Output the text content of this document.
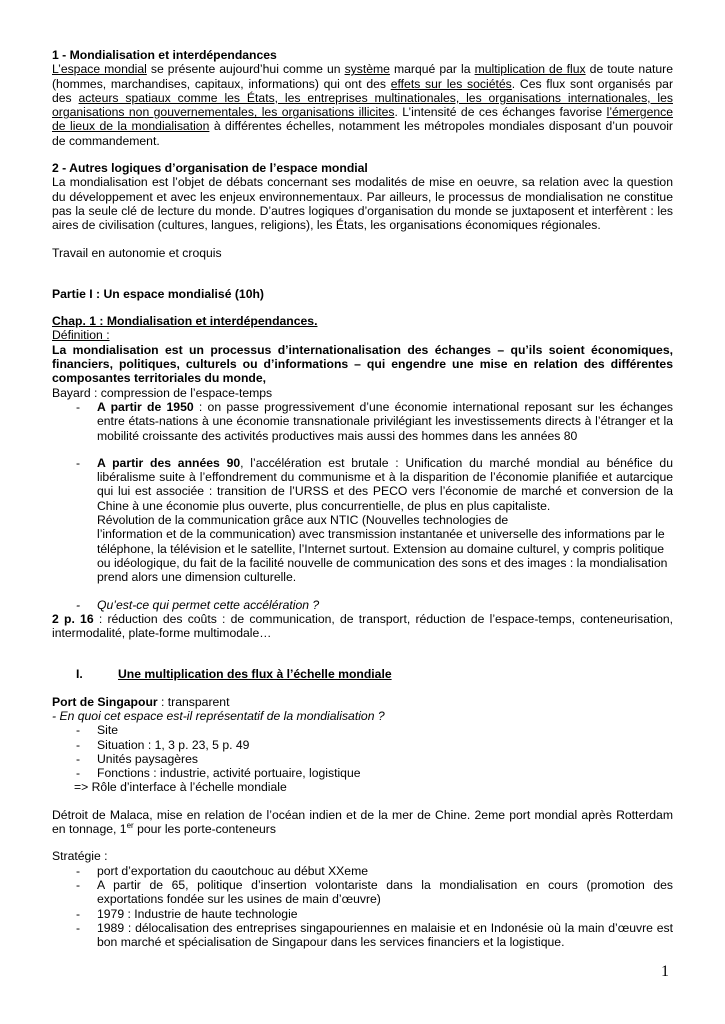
1 - Mondialisation et interdépendances

L’espace mondial se présente aujourd’hui comme un système marqué par la multiplication de flux de toute nature (hommes, marchandises, capitaux, informations) qui ont des effets sur les sociétés. Ces flux sont organisés par des acteurs spatiaux comme les États, les entreprises multinationales, les organisations internationales, les organisations non gouvernementales, les organisations illicites. L’intensité de ces échanges favorise l’émergence de lieux de la mondialisation à différentes échelles, notamment les métropoles mondiales disposant d’un pouvoir de commandement.

2 - Autres logiques d’organisation de l’espace mondial

La mondialisation est l’objet de débats concernant ses modalités de mise en oeuvre, sa relation avec la question du développement et avec les enjeux environnementaux. Par ailleurs, le processus de mondialisation ne constitue pas la seule clé de lecture du monde. D’autres logiques d’organisation du monde se juxtaposent et interfèrent : les aires de civilisation (cultures, langues, religions), les États, les organisations économiques régionales.

Travail en autonomie et croquis

Partie I : Un espace mondialisé (10h)

Chap. 1 : Mondialisation et interdépendances.

Définition :

La mondialisation est un processus d’internationalisation des échanges – qu’ils soient économiques, financiers, politiques, culturels ou d’informations – qui engendre une mise en relation des différentes composantes territoriales du monde,

Bayard : compression de l’espace-temps

- A partir de 1950 : on passe progressivement d’une économie international reposant sur les échanges entre états-nations à une économie transnationale privilégiant les investissements directs à l’étranger et la mobilité croissante des activités productives mais aussi des hommes dans les années 80

- A partir des années 90, l’accélération est brutale : Unification du marché mondial au bénéfice du libéralisme suite à l’effondrement du communisme et à la disparition de l’économie planifiée et autarcique qui lui est associée : transition de l’URSS et des PECO vers l’économie de marché et conversion de la Chine à une économie plus ouverte, plus concurrentielle, de plus en plus capitaliste.

Révolution de la communication grâce aux NTIC (Nouvelles technologies de

l’information et de la communication) avec transmission instantanée et universelle des informations par le téléphone, la télévision et le satellite, l’Internet surtout. Extension au domaine culturel, y compris politique ou idéologique, du fait de la facilité nouvelle de communication des sons et des images : la mondialisation prend alors une dimension culturelle.

- Qu’est-ce qui permet cette accélération ?

2 p. 16 : réduction des coûts : de communication, de transport, réduction de l’espace-temps, conteneurisation, intermodalité, plate-forme multimodale…

I.	Une multiplication des flux à l’échelle mondiale

Port de Singapour : transparent

- En quoi cet espace est-il représentatif de la mondialisation ?

- Site

- Situation : 1, 3 p. 23, 5 p. 49

- Unités paysagères

- Fonctions : industrie, activité portuaire, logistique

=> Rôle d’interface à l’échelle mondiale

Détroit de Malaca, mise en relation de l’océan indien et de la mer de Chine. 2eme port mondial après Rotterdam en tonnage, 1er pour les porte-conteneurs

Stratégie :

- port d’exportation du caoutchouc au début XXeme

- A partir de 65, politique d’insertion volontariste dans la mondialisation en cours (promotion des exportations fondée sur les usines de main d’œuvre)

- 1979 : Industrie de haute technologie

- 1989 : délocalisation des entreprises singapouriennes en malaisie et en Indonésie où la main d’œuvre est bon marché et spécialisation de Singapour dans les services financiers et la logistique.

1
